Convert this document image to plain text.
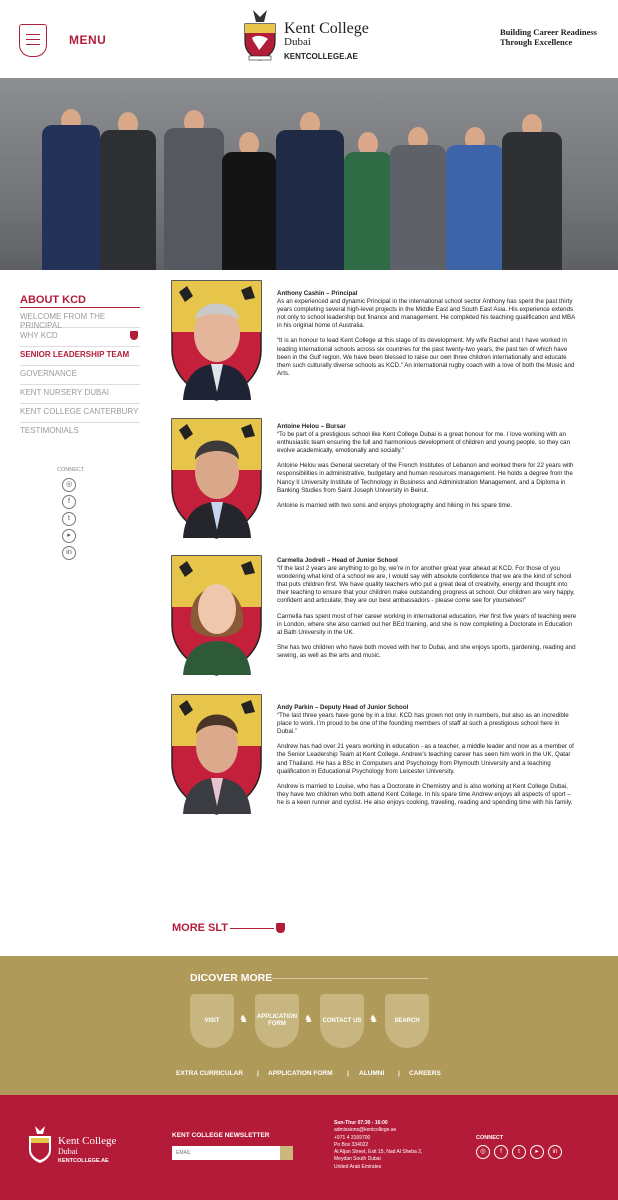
MENU
Kent College
Dubai
KENTCOLLEGE.AE
Building Career Readiness
Through Excellence
ABOUT KCD
WELCOME FROM THE PRINCIPAL
WHY KCD
SENIOR LEADERSHIP TEAM
GOVERNANCE
KENT NURSERY DUBAI
KENT COLLEGE CANTERBURY
TESTIMONIALS
CONNECT
◎
f
t
▸
in
Anthony Cashin – Principal

As an experienced and dynamic Principal in the international school sector Anthony has spent the past thirty years completing several high-level projects in the Middle East and South East Asia. His experience extends not only to school leadership but finance and management. He completed his teaching qualification and MBA in his original home of Australia.

“It is an honour to lead Kent College at this stage of its development. My wife Rachel and I have worked in leading international schools across six countries for the past twenty-two years, the past ten of which have been in the Gulf region. We have been blessed to raise our own three children internationally and educate them such culturally diverse schools as KCD.” An international rugby coach with a love of both the Music and Arts.

Antoine Helou – Bursar

“To be part of a prestigious school like Kent College Dubai is a great honour for me. I love working with an enthusiastic team ensuring the full and harmonious development of children and young people, so they can evolve academically, emotionally and socially.”

Antoine Helou was General secretary of the French Institutes of Lebanon and worked there for 22 years with responsibilities in administrative, budgetary and human resources management. He holds a degree from the Nancy II University Institute of Technology in Business and Administration Management, and a Diploma in Banking Studies from Saint Joseph University in Beirut.

Antoine is married with two sons and enjoys photography and hiking in his spare time.

Carmella Jodrell – Head of Junior School

“If the last 2 years are anything to go by, we’re in for another great year ahead at KCD. For those of you wondering what kind of a school we are, I would say with absolute confidence that we are the kind of school that puts children first. We have quality teachers who put a great deal of creativity, energy and thought into their teaching to ensure that your children make outstanding progress at school. Our children are very happy, confident and articulate; they are our best ambassadors - please come see for yourselves!”

Carmella has spent most of her career working in international education. Her first five years of teaching were in London, where she also carried out her BEd training, and she is now completing a Doctorate in Education at Bath University in the UK.

She has two children who have both moved with her to Dubai, and she enjoys sports, gardening, reading and sewing, as well as the arts and music.

Andy Parkin – Deputy Head of Junior School

“The last three years have gone by in a blur. KCD has grown not only in numbers, but also as an incredible place to work. I’m proud to be one of the founding members of staff at such a prestigious school here in Dubai.”

Andrew has had over 21 years working in education - as a teacher, a middle leader and now as a member of the Senior Leadership Team at Kent College. Andrew’s teaching career has seen him work in the UK, Qatar and Thailand. He has a BSc in Computers and Psychology from Plymouth University and a teaching qualification in Educational Psychology from Leicester University.

Andrew is married to Louise, who has a Doctorate in Chemistry and is also working at Kent College Dubai, they have two children who both attend Kent College. In his spare time Andrew enjoys all aspects of sport – he is a keen runner and cyclist. He also enjoys cooking, traveling, reading and spending time with his family.

MORE SLT
DICOVER MORE
VISIT	♞	APPLICATION FORM	♞	CONTACT US ♞	SEARCH
EXTRA CURRICULAR | APPLICATION FORM | ALUMNI | CAREERS
Kent College
Dubai
KENTCOLLEGE.AE
KENT COLLEGE NEWSLETTER
EMAIL
Sun-Thur 07:30 - 16:00
admissions@kentcollege.ae
+971 4 3169700
Po Box 334022
Al Aljan Street, Exit 15, Nad Al Sheba 2,
Meydan South Dubai
United Arab Emirates
CONNECT
◎	f	t	▸	in
